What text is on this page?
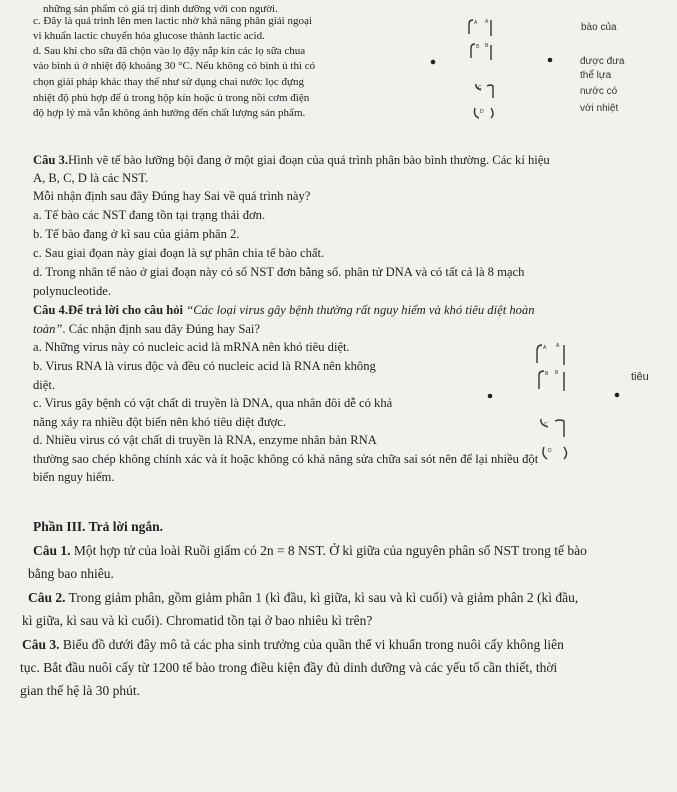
những sản phẩm có giá trị dinh dưỡng với con người.
c. Đây là quá trình lên men lactic nhờ khả năng phân giải ngoại
vi khuẩn lactic chuyển hóa glucose thành lactic acid.
d. Sau khi cho sữa đã chộn vào lọ đậy nắp kín các lọ sữa chua
vào bình ủ ở nhiệt độ khoảng 30 °C. Nếu không có bình ủ thì có
chọn giải pháp khác thay thế như sử dụng chai nước lọc đựng
nhiệt độ phù hợp để ủ trong hộp kín hoặc ủ trong nồi cơm điện
độ hợp lý mà vẫn không ảnh hưởng đến chất lượng sản phẩm.
bào của
được đưa
thể lựa
nước có
với nhiệt
A A
B B
C
D
Câu 3.Hình vẽ tế bào lưỡng bội đang ở một giai đoạn của quá trình phân bào bình thường. Các kí hiệu
A, B, C, D là các NST.
Mỗi nhận định sau đây Đúng hay Sai về quá trình này?
a. Tế bào các NST đang tồn tại trạng thái đơn.
b. Tế bào đang ở kì sau của giảm phân 2.
c. Sau giai đọan này giai đoạn là sự phân chia tế bào chất.
d. Trong nhân tế nào ở giai đoạn này có số NST đơn bằng số. phân tử DNA và có tất cả là 8 mạch
polynucleotide.
Câu 4.Để trả lời cho câu hỏi “Các loại virus gây bệnh thường rất nguy hiểm và khó tiêu diệt hoàn
toàn”. Các nhận định sau đây Đúng hay Sai?
a. Những virus này có nucleic acid là mRNA nên khó tiêu diệt.
b. Virus RNA là virus độc và đều có nucleic acid là RNA nên không
diệt.
c. Virus gây bệnh có vật chất di truyền là DNA, qua nhân đôi dễ có khả
năng xảy ra nhiều đột biến nên khó tiêu diệt được.
d. Nhiều virus có vật chất di truyền là RNA, enzyme nhân bản RNA
thường sao chép không chính xác và ít hoặc không có khả năng sửa chữa sai sót nên để lại nhiều đột
biến nguy hiểm.
tiêu
A A
B B
C
D
Phần III. Trả lời ngắn.
Câu 1. Một hợp tử của loài Ruồi giấm có 2n = 8 NST. Ở kì giữa của nguyên phân số NST trong tế bào
bằng bao nhiêu.
Câu 2. Trong giảm phân, gồm giảm phân 1 (kì đầu, kì giữa, kì sau và kì cuối) và giảm phân 2 (kì đầu,
kì giữa, kì sau và kì cuối). Chromatid tồn tại ở bao nhiêu kì trên?
Câu 3. Biểu đồ dưới đây mô tả các pha sinh trưởng của quần thể vi khuẩn trong nuôi cấy không liên
tục. Bắt đầu nuôi cấy từ 1200 tế bào trong điều kiện đầy đủ dinh dưỡng và các yếu tố cần thiết, thời
gian thế hệ là 30 phút.
